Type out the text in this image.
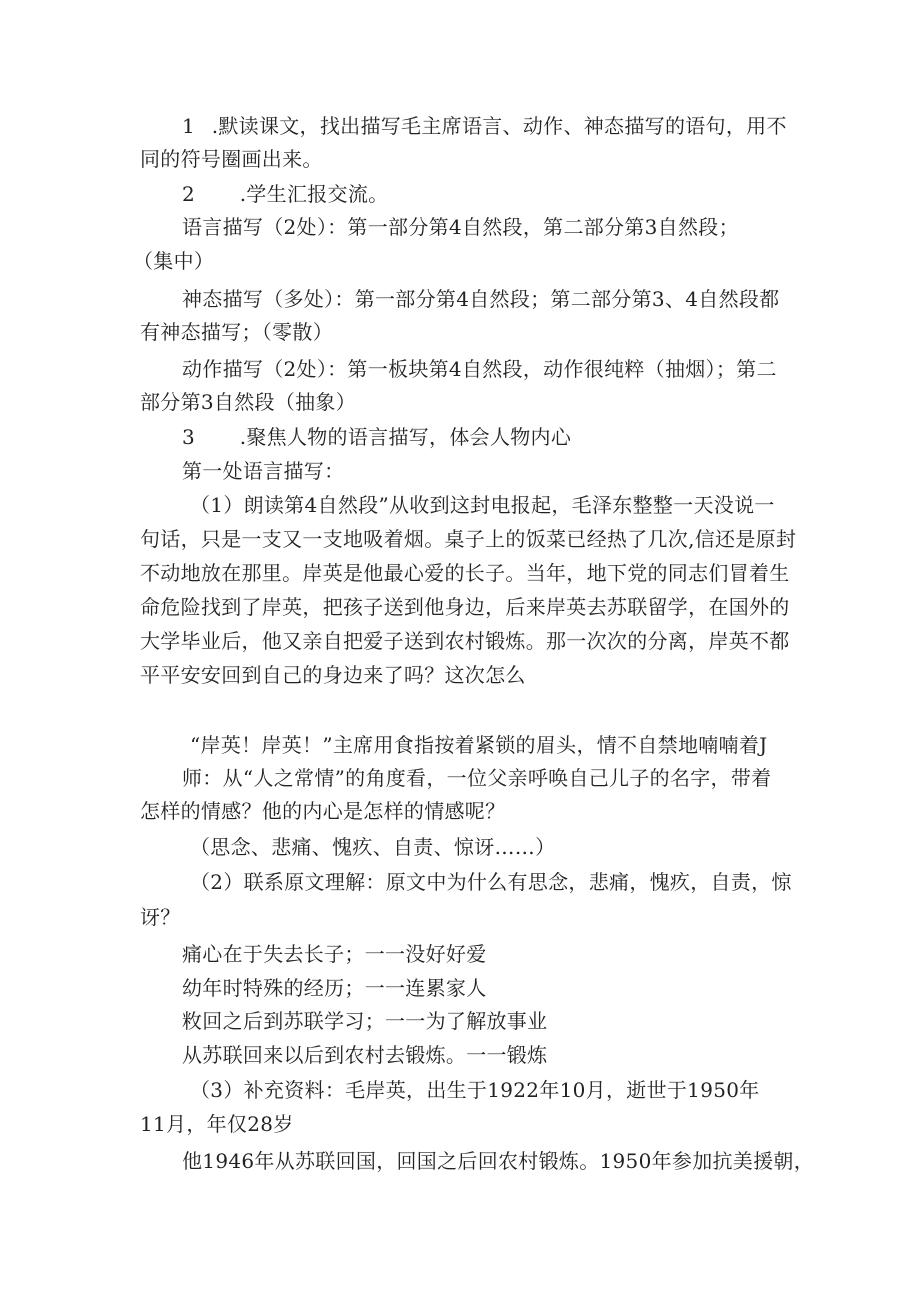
1 .默读课文，找出描写毛主席语言、动作、神态描写的语句，用不
同的符号圈画出来。
2 .学生汇报交流。
语言描写（2处）：第一部分第4自然段，第二部分第3自然段；
（集中）
神态描写（多处）：第一部分第4自然段；第二部分第3、4自然段都
有神态描写；（零散）
动作描写（2处）：第一板块第4自然段，动作很纯粹（抽烟）；第二
部分第3自然段（抽象）
3 .聚焦人物的语言描写，体会人物内心
第一处语言描写：
（1）朗读第4自然段”从收到这封电报起，毛泽东整整一天没说一
句话，只是一支又一支地吸着烟。桌子上的饭菜已经热了几次,信还是原封
不动地放在那里。岸英是他最心爱的长子。当年，地下党的同志们冒着生
命危险找到了岸英，把孩子送到他身边，后来岸英去苏联留学，在国外的
大学毕业后，他又亲自把爱子送到农村锻炼。那一次次的分离，岸英不都
平平安安回到自己的身边来了吗？这次怎么
“岸英！岸英！”主席用食指按着紧锁的眉头，情不自禁地喃喃着J
师：从“人之常情”的角度看，一位父亲呼唤自己儿子的名字，带着
怎样的情感？他的内心是怎样的情感呢？
（思念、悲痛、愧疚、自责、惊讶……）
（2）联系原文理解：原文中为什么有思念，悲痛，愧疚，自责，惊
讶？
痛心在于失去长子；一一没好好爱
幼年时特殊的经历；一一连累家人
敉回之后到苏联学习；一一为了解放事业
从苏联回来以后到农村去锻炼。一一锻炼
（3）补充资料：毛岸英，出生于1922年10月，逝世于1950年
11月，年仅28岁
他1946年从苏联回国，回国之后回农村锻炼。1950年参加抗美援朝，
